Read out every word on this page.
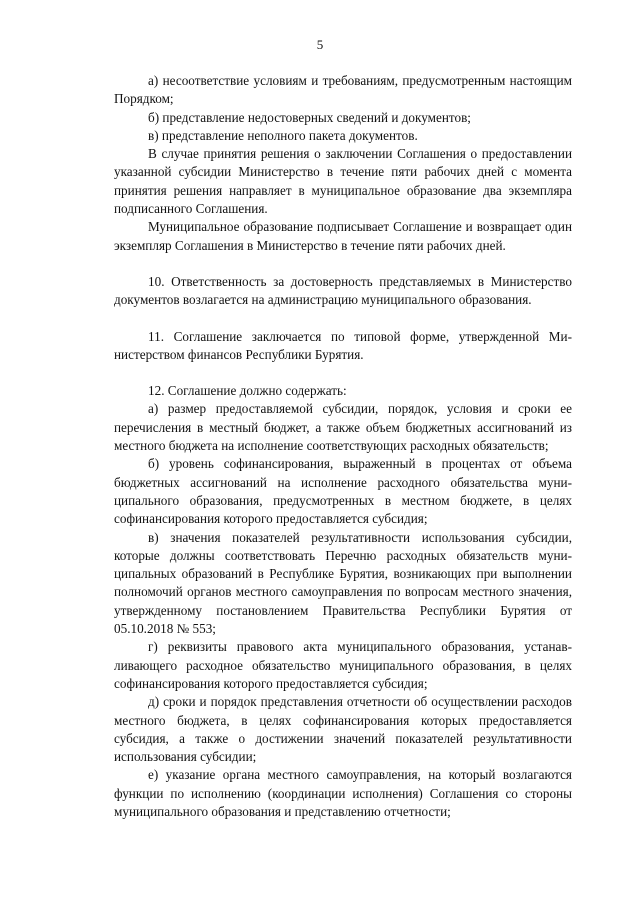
5

а) несоответствие условиям и требованиям, предусмотренным настоящим Порядком;

б) представление недостоверных сведений и документов;

в) представление неполного пакета документов.

В случае принятия решения о заключении Соглашения о предоставлении указанной субсидии Министерство в течение пяти рабочих дней с момента принятия решения направляет в муниципальное образование два экземпляра подписанного Соглашения.

Муниципальное образование подписывает Соглашение и возвращает один экземпляр Соглашения в Министерство в течение пяти рабочих дней.

10. Ответственность за достоверность представляемых в Министерство документов возлагается на администрацию муниципального образования.

11. Соглашение заключается по типовой форме, утвержденной Министерством финансов Республики Бурятия.

12. Соглашение должно содержать:

а) размер предоставляемой субсидии, порядок, условия и сроки ее перечисления в местный бюджет, а также объем бюджетных ассигнований из местного бюджета на исполнение соответствующих расходных обязательств;

б) уровень софинансирования, выраженный в процентах от объема бюджетных ассигнований на исполнение расходного обязательства муниципального образования, предусмотренных в местном бюджете, в целях софинансирования которого предоставляется субсидия;

в) значения показателей результативности использования субсидии, которые должны соответствовать Перечню расходных обязательств муниципальных образований в Республике Бурятия, возникающих при выполнении полномочий органов местного самоуправления по вопросам местного значения, утвержденному постановлением Правительства Республики Бурятия от 05.10.2018 № 553;

г) реквизиты правового акта муниципального образования, устанавливающего расходное обязательство муниципального образования, в целях софинансирования которого предоставляется субсидия;

д) сроки и порядок представления отчетности об осуществлении расходов местного бюджета, в целях софинансирования которых предоставляется субсидия, а также о достижении значений показателей результативности использования субсидии;

е) указание органа местного самоуправления, на который возлагаются функции по исполнению (координации исполнения) Соглашения со стороны муниципального образования и представлению отчетности;
